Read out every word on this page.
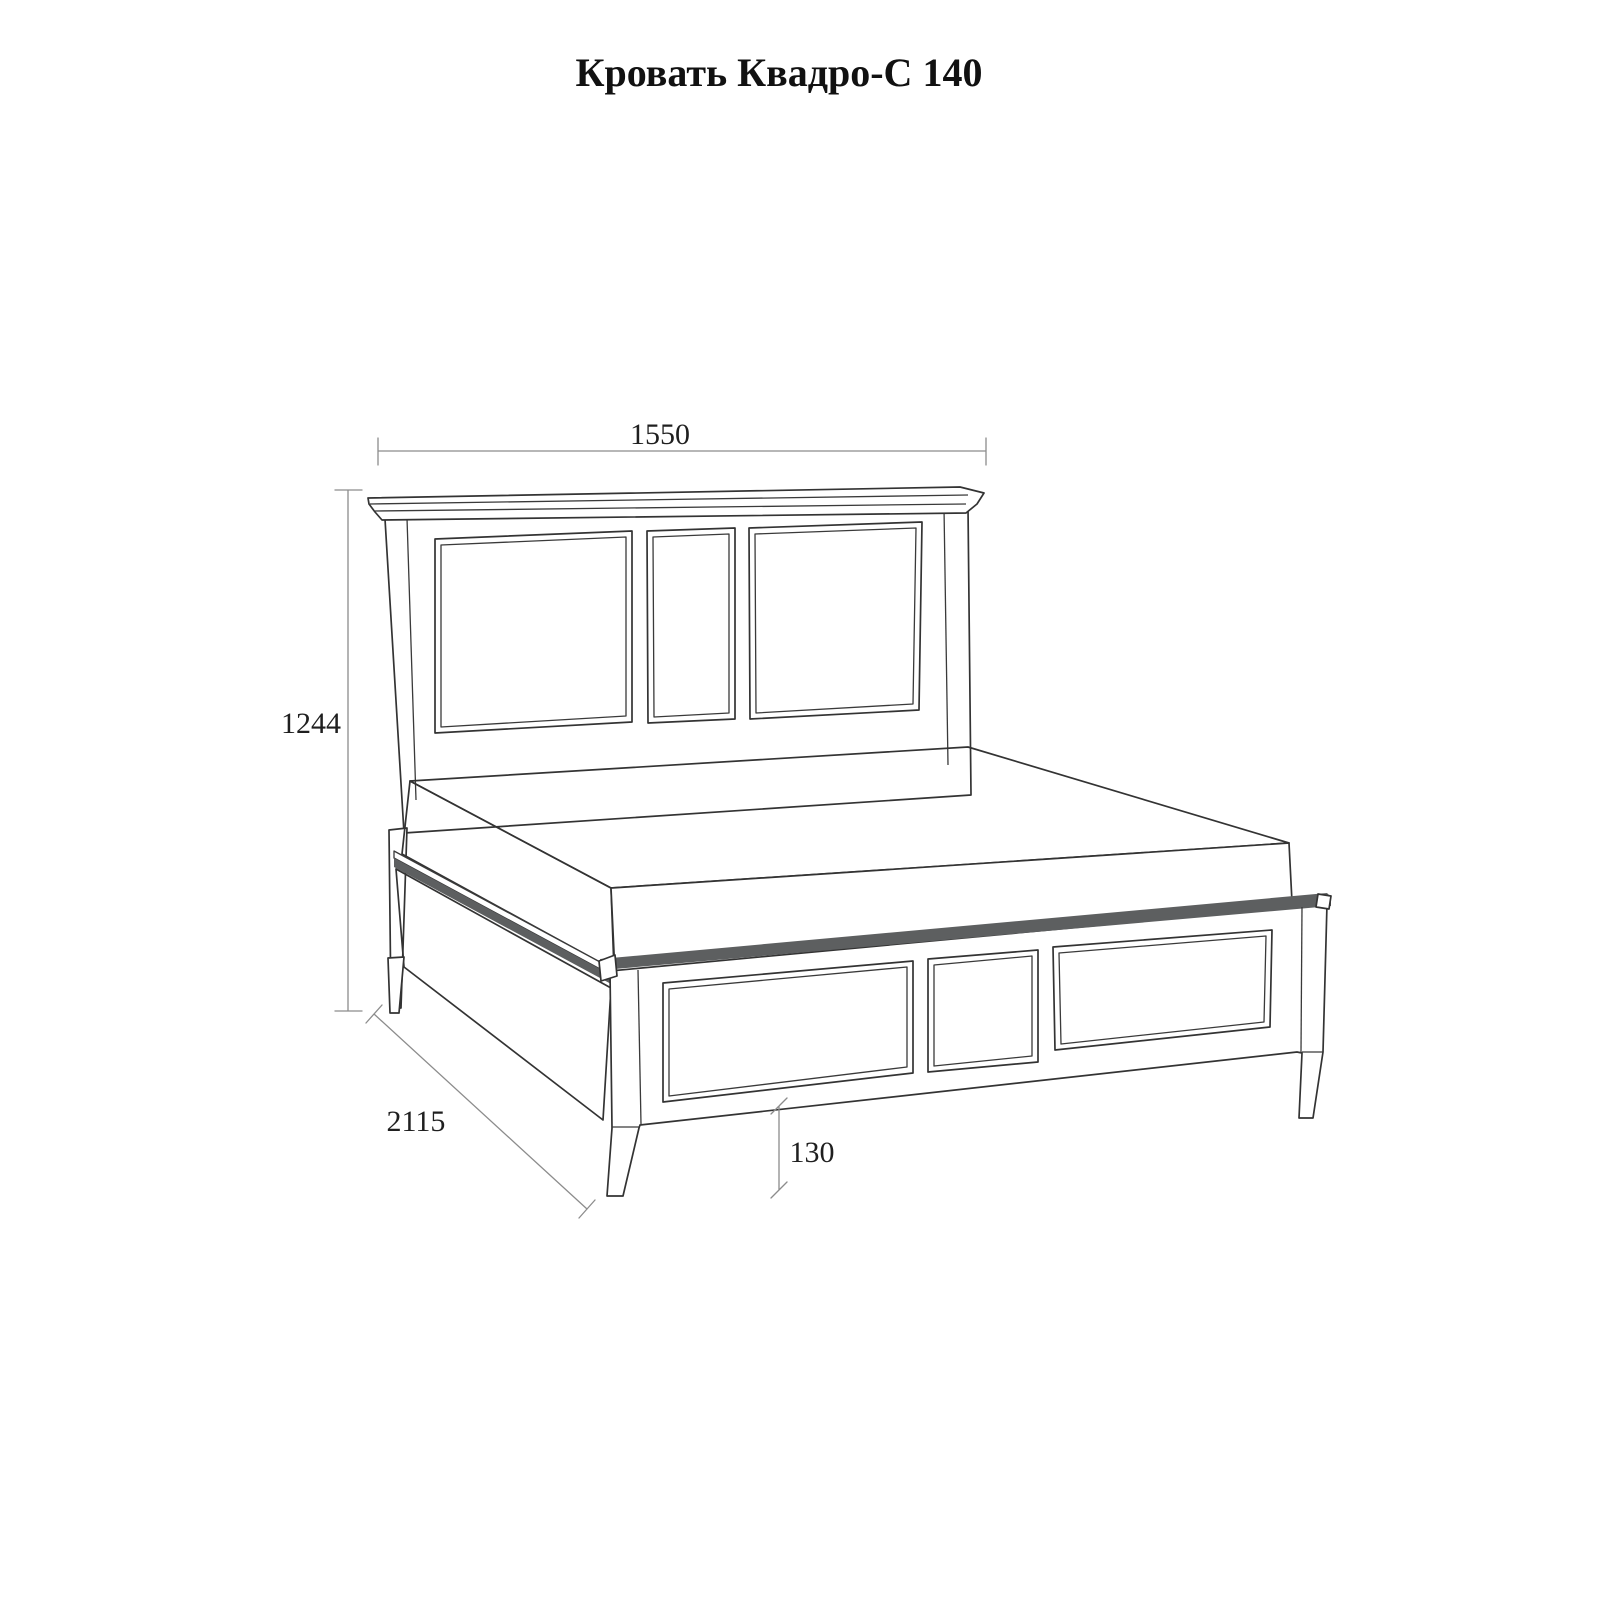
Кровать Квадро-С 140
1550
1244
2115
130
